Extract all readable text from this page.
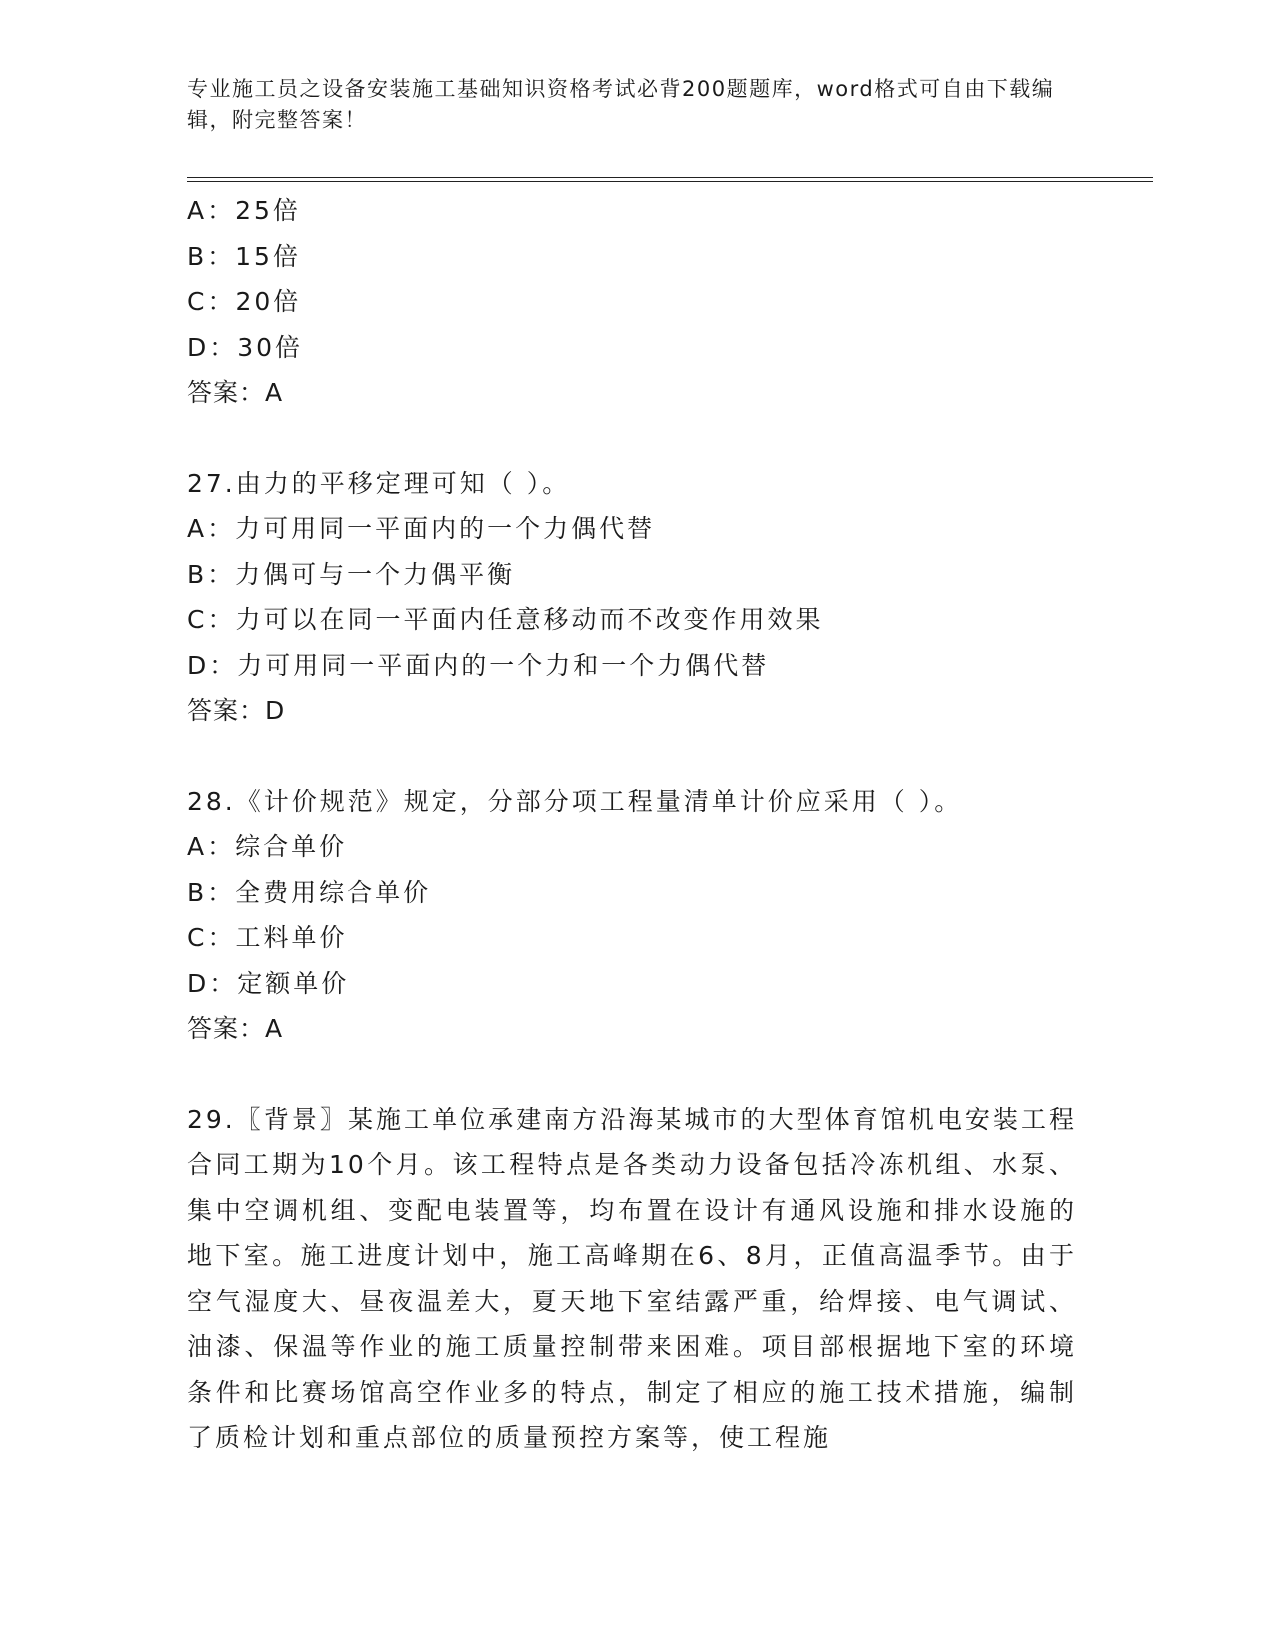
专业施工员之设备安装施工基础知识资格考试必背200题题库，word格式可自由下载编辑，附完整答案！
A：25倍
B：15倍
C：20倍
D：30倍
答案：A
27.由力的平移定理可知（ ）。
A：力可用同一平面内的一个力偶代替
B：力偶可与一个力偶平衡
C：力可以在同一平面内任意移动而不改变作用效果
D：力可用同一平面内的一个力和一个力偶代替
答案：D
28.《计价规范》规定，分部分项工程量清单计价应采用（ ）。
A：综合单价
B：全费用综合单价
C：工料单价
D：定额单价
答案：A
29.〖背景〗某施工单位承建南方沿海某城市的大型体育馆机电安装工程合同工期为10个月。该工程特点是各类动力设备包括冷冻机组、水泵、集中空调机组、变配电装置等，均布置在设计有通风设施和排水设施的地下室。施工进度计划中，施工高峰期在6、8月，正值高温季节。由于空气湿度大、昼夜温差大，夏天地下室结露严重，给焊接、电气调试、油漆、保温等作业的施工质量控制带来困难。项目部根据地下室的环境条件和比赛场馆高空作业多的特点，制定了相应的施工技术措施，编制了质检计划和重点部位的质量预控方案等，使工程施
